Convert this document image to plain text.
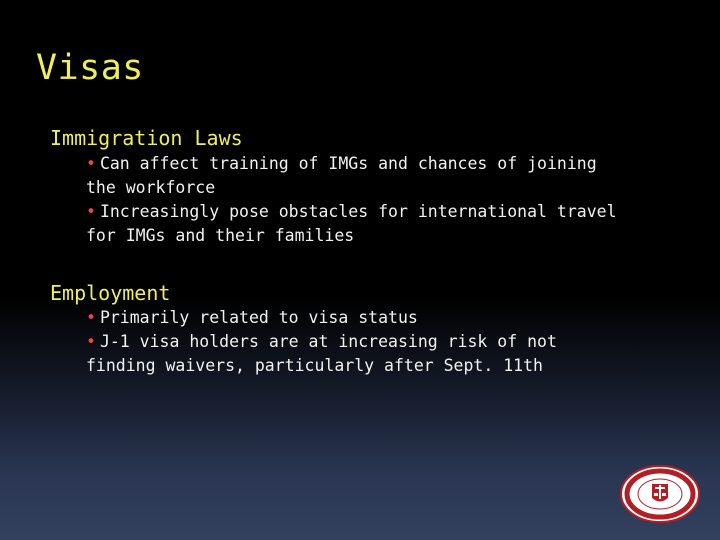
Visas
Immigration Laws
• Can affect training of IMGs and chances of joining the workforce
• Increasingly pose obstacles for international travel for IMGs and their families
Employment
• Primarily related to visa status
• J-1 visa holders are at increasing risk of not finding waivers, particularly after Sept. 11th
